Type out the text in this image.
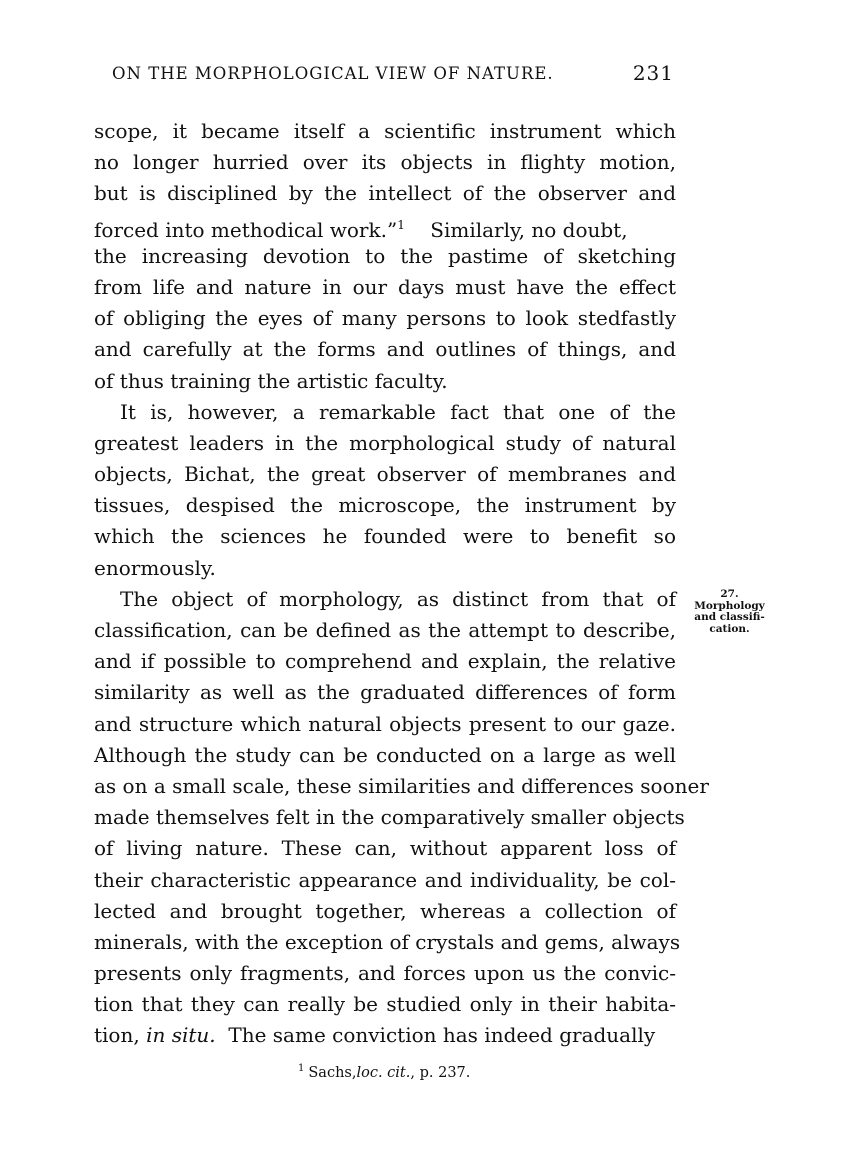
ON THE MORPHOLOGICAL VIEW OF NATURE.	231
scope, it became itself a scientific instrument which
no longer hurried over its objects in flighty motion,
but is disciplined by the intellect of the observer and
forced into methodical work.”$^1$ Similarly, no doubt,
the increasing devotion to the pastime of sketching
from life and nature in our days must have the effect
of obliging the eyes of many persons to look stedfastly
and carefully at the forms and outlines of things, and
of thus training the artistic faculty.
It is, however, a remarkable fact that one of the
greatest leaders in the morphological study of natural
objects, Bichat, the great observer of membranes and
tissues, despised the microscope, the instrument by
which the sciences he founded were to benefit so
enormously.
The object of morphology, as distinct from that of
classification, can be defined as the attempt to describe,
and if possible to comprehend and explain, the relative
similarity as well as the graduated differences of form
and structure which natural objects present to our gaze.
Although the study can be conducted on a large as well
as on a small scale, these similarities and differences sooner
made themselves felt in the comparatively smaller objects
of living nature. These can, without apparent loss of
their characteristic appearance and individuality, be col-
lected and brought together, whereas a collection of
minerals, with the exception of crystals and gems, always
presents only fragments, and forces upon us the convic-
tion that they can really be studied only in their habita-
tion, in situ. The same conviction has indeed gradually
27.
Morphology
and classifi-
cation.
$^1$ Sachs,loc. cit., p. 237.
